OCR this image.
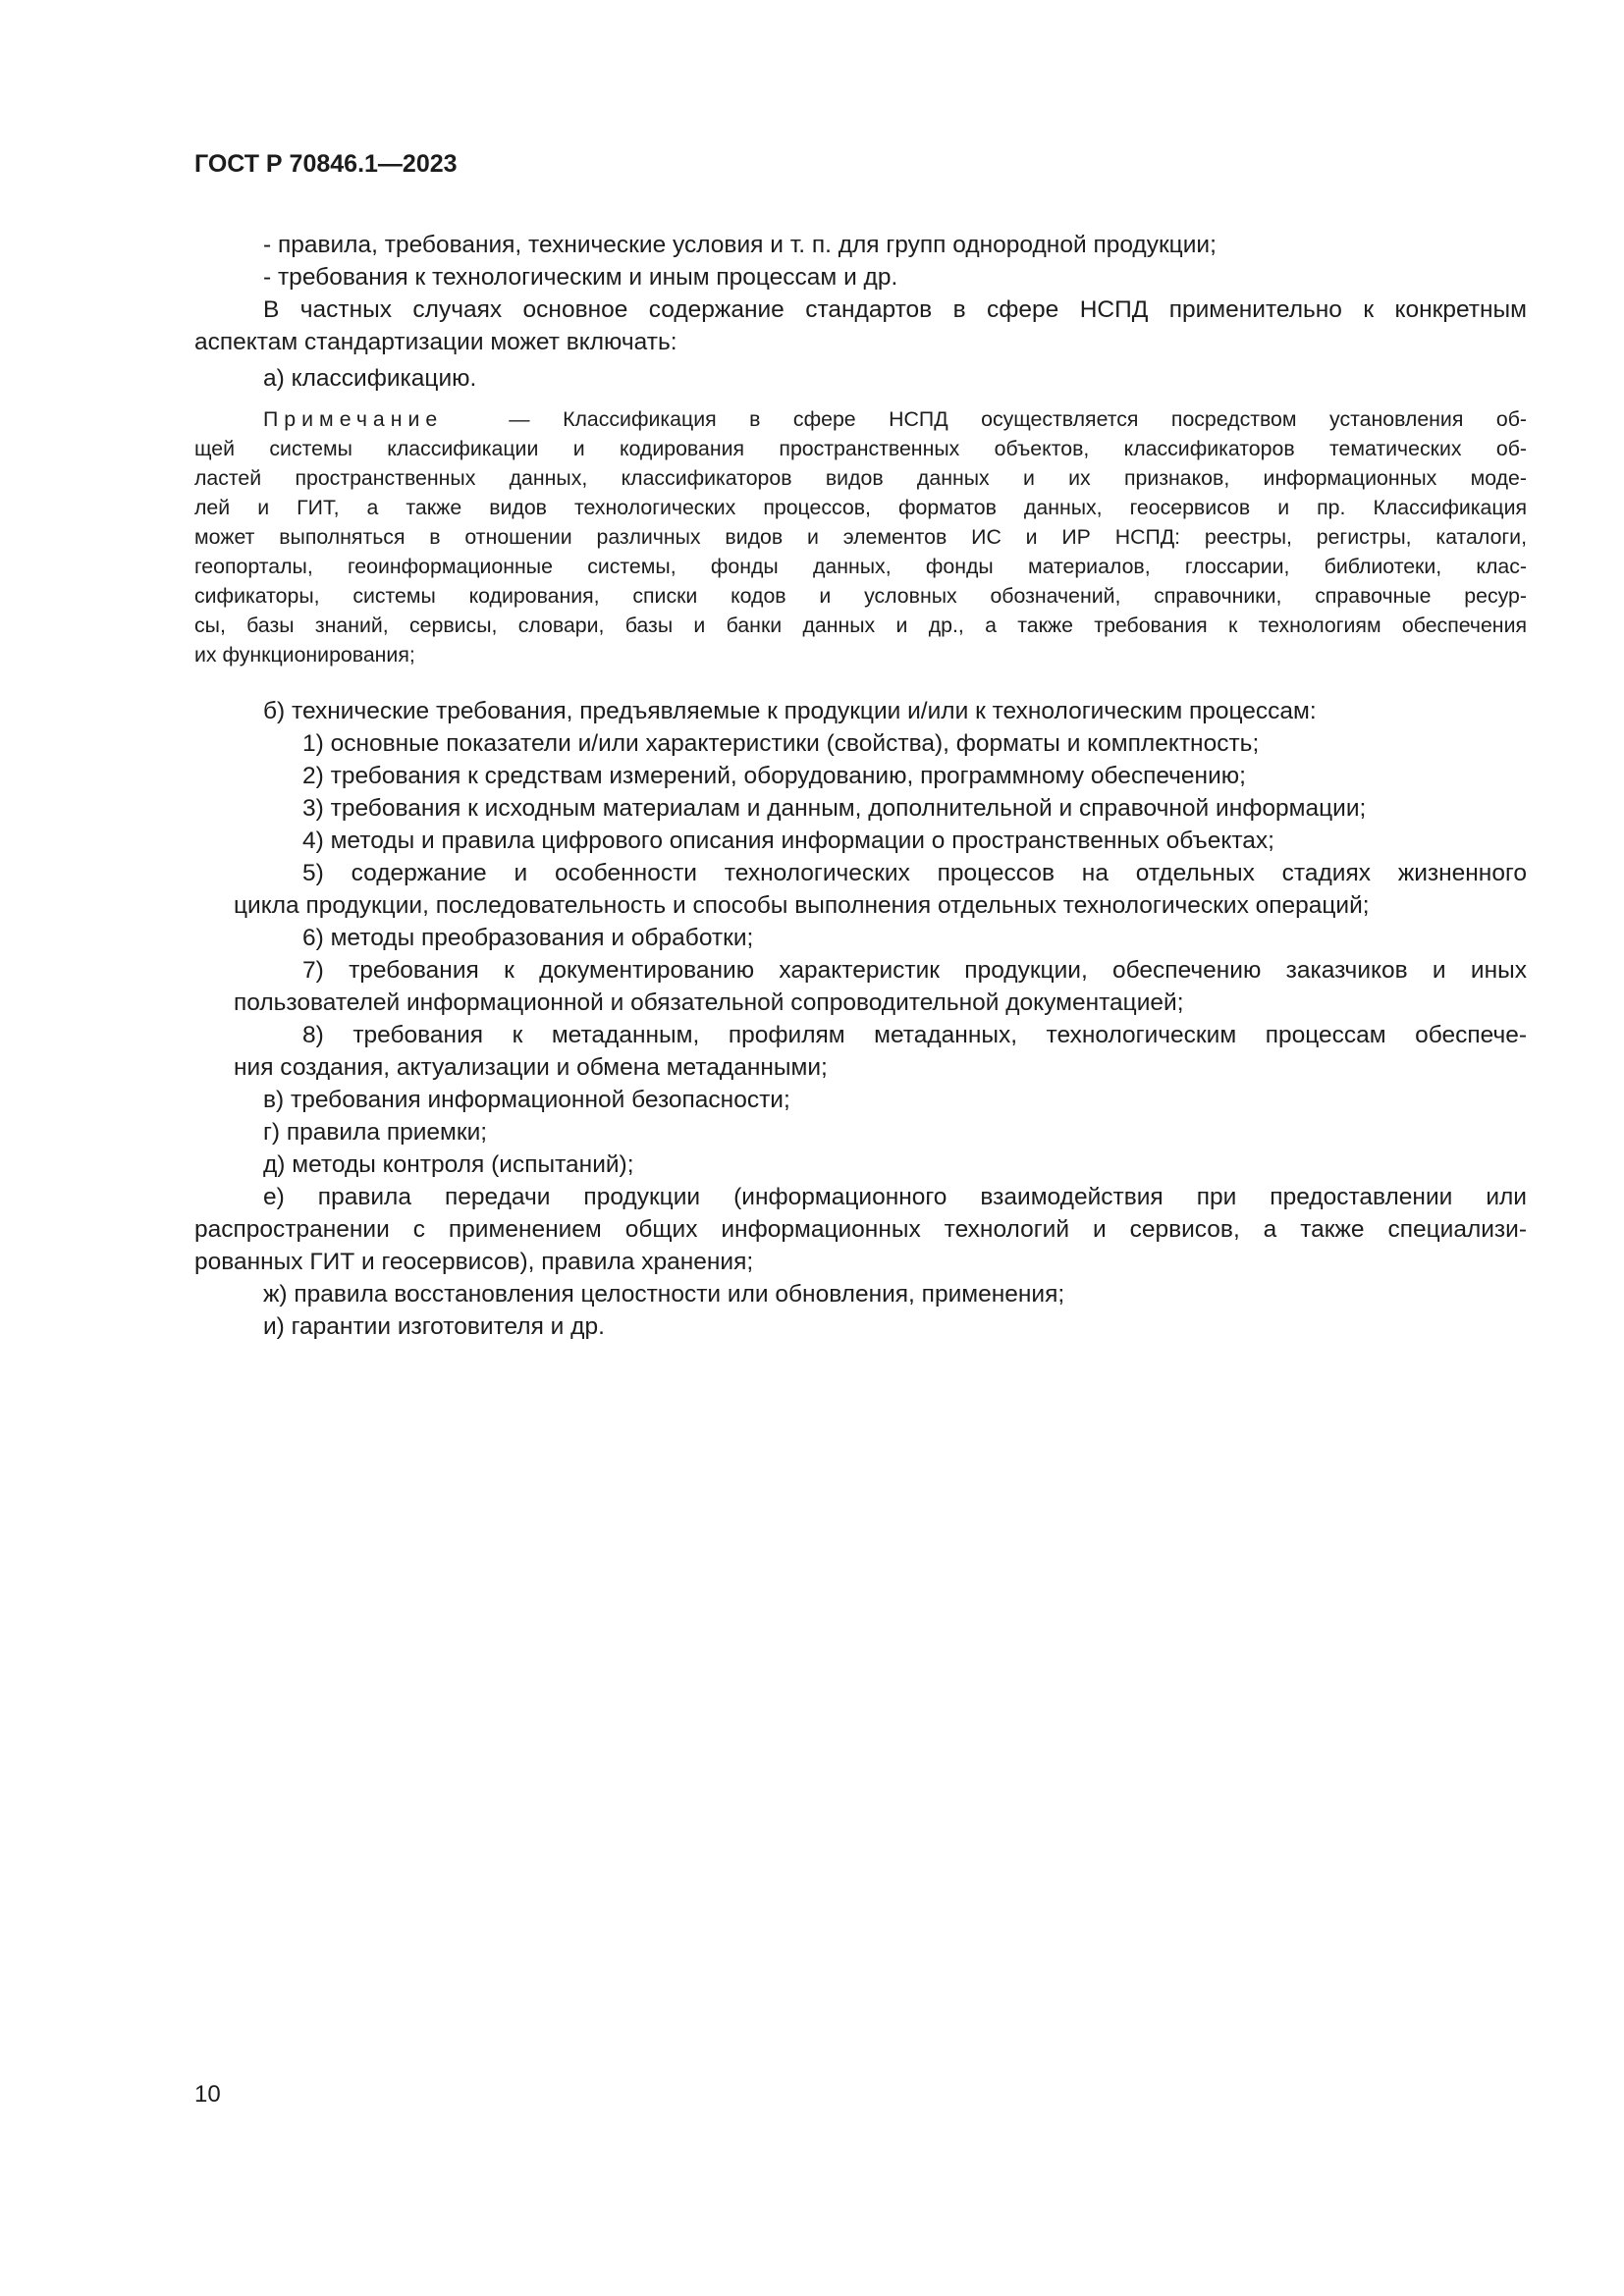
ГОСТ Р 70846.1—2023
- правила, требования, технические условия и т. п. для групп однородной продукции;
- требования к технологическим и иным процессам и др.
В частных случаях основное содержание стандартов в сфере НСПД применительно к конкретным
аспектам стандартизации может включать:
а) классификацию.
Примечание	— Классификация в сфере НСПД осуществляется посредством установления об-
щей системы классификации и кодирования пространственных объектов, классификаторов тематических об-
ластей пространственных данных, классификаторов видов данных и их признаков, информационных моде-
лей и ГИТ, а также видов технологических процессов, форматов данных, геосервисов и пр. Классификация
может выполняться в отношении различных видов и элементов ИС и ИР НСПД: реестры, регистры, каталоги,
геопорталы, геоинформационные системы, фонды данных, фонды материалов, глоссарии, библиотеки, клас-
сификаторы, системы кодирования, списки кодов и условных обозначений, справочники, справочные ресур-
сы, базы знаний, сервисы, словари, базы и банки данных и др., а также требования к технологиям обеспечения
их функционирования;
б) технические требования, предъявляемые к продукции и/или к технологическим процессам:
1) основные показатели и/или характеристики (свойства), форматы и комплектность;
2) требования к средствам измерений, оборудованию, программному обеспечению;
3) требования к исходным материалам и данным, дополнительной и справочной информации;
4) методы и правила цифрового описания информации о пространственных объектах;
5) содержание и особенности технологических процессов на отдельных стадиях жизненного
цикла продукции, последовательность и способы выполнения отдельных технологических операций;
6) методы преобразования и обработки;
7) требования к документированию характеристик продукции, обеспечению заказчиков и иных
пользователей информационной и обязательной сопроводительной документацией;
8) требования к метаданным, профилям метаданных, технологическим процессам обеспече-
ния создания, актуализации и обмена метаданными;
в) требования информационной безопасности;
г) правила приемки;
д) методы контроля (испытаний);
е) правила передачи продукции (информационного взаимодействия при предоставлении или
распространении с применением общих информационных технологий и сервисов, а также специализи-
рованных ГИТ и геосервисов), правила хранения;
ж) правила восстановления целостности или обновления, применения;
и) гарантии изготовителя и др.
10
